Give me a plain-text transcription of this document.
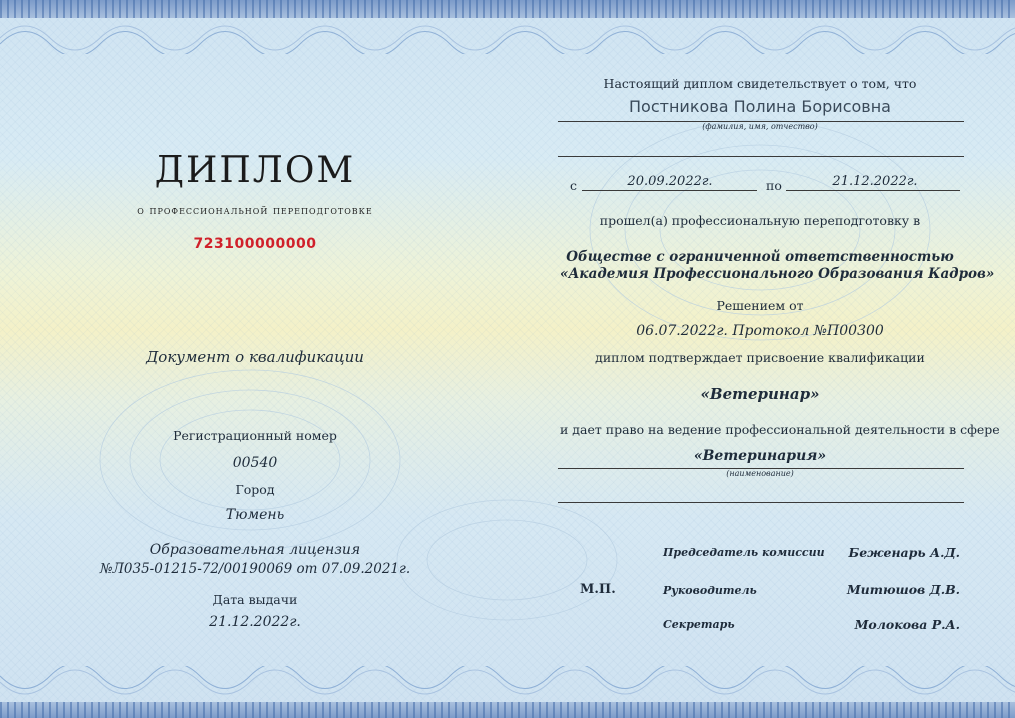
ДИПЛОМ
о профессиональной переподготовке
723100000000
Документ о квалификации
Регистрационный номер
00540
Город
Тюмень
Образовательная лицензия
№Л035-01215-72/00190069 от 07.09.2021г.
Дата выдачи
21.12.2022г.
Настоящий диплом свидетельствует о том, что
Постникова Полина Борисовна
(фамилия, имя, отчество)
с	20.09.2022г.	по	21.12.2022г.
прошел(а) профессиональную переподготовку в
Обществе с ограниченной ответственностью
«Академия Профессионального Образования Кадров»
Решением от
06.07.2022г. Протокол №П00300
диплом подтверждает присвоение квалификации
«Ветеринар»
и дает право на ведение профессиональной деятельности в сфере
«Ветеринария»
(наименование)
М.П.
Председатель комиссии	Беженарь А.Д.
Руководитель	Митюшов Д.В.
Секретарь	Молокова Р.А.
